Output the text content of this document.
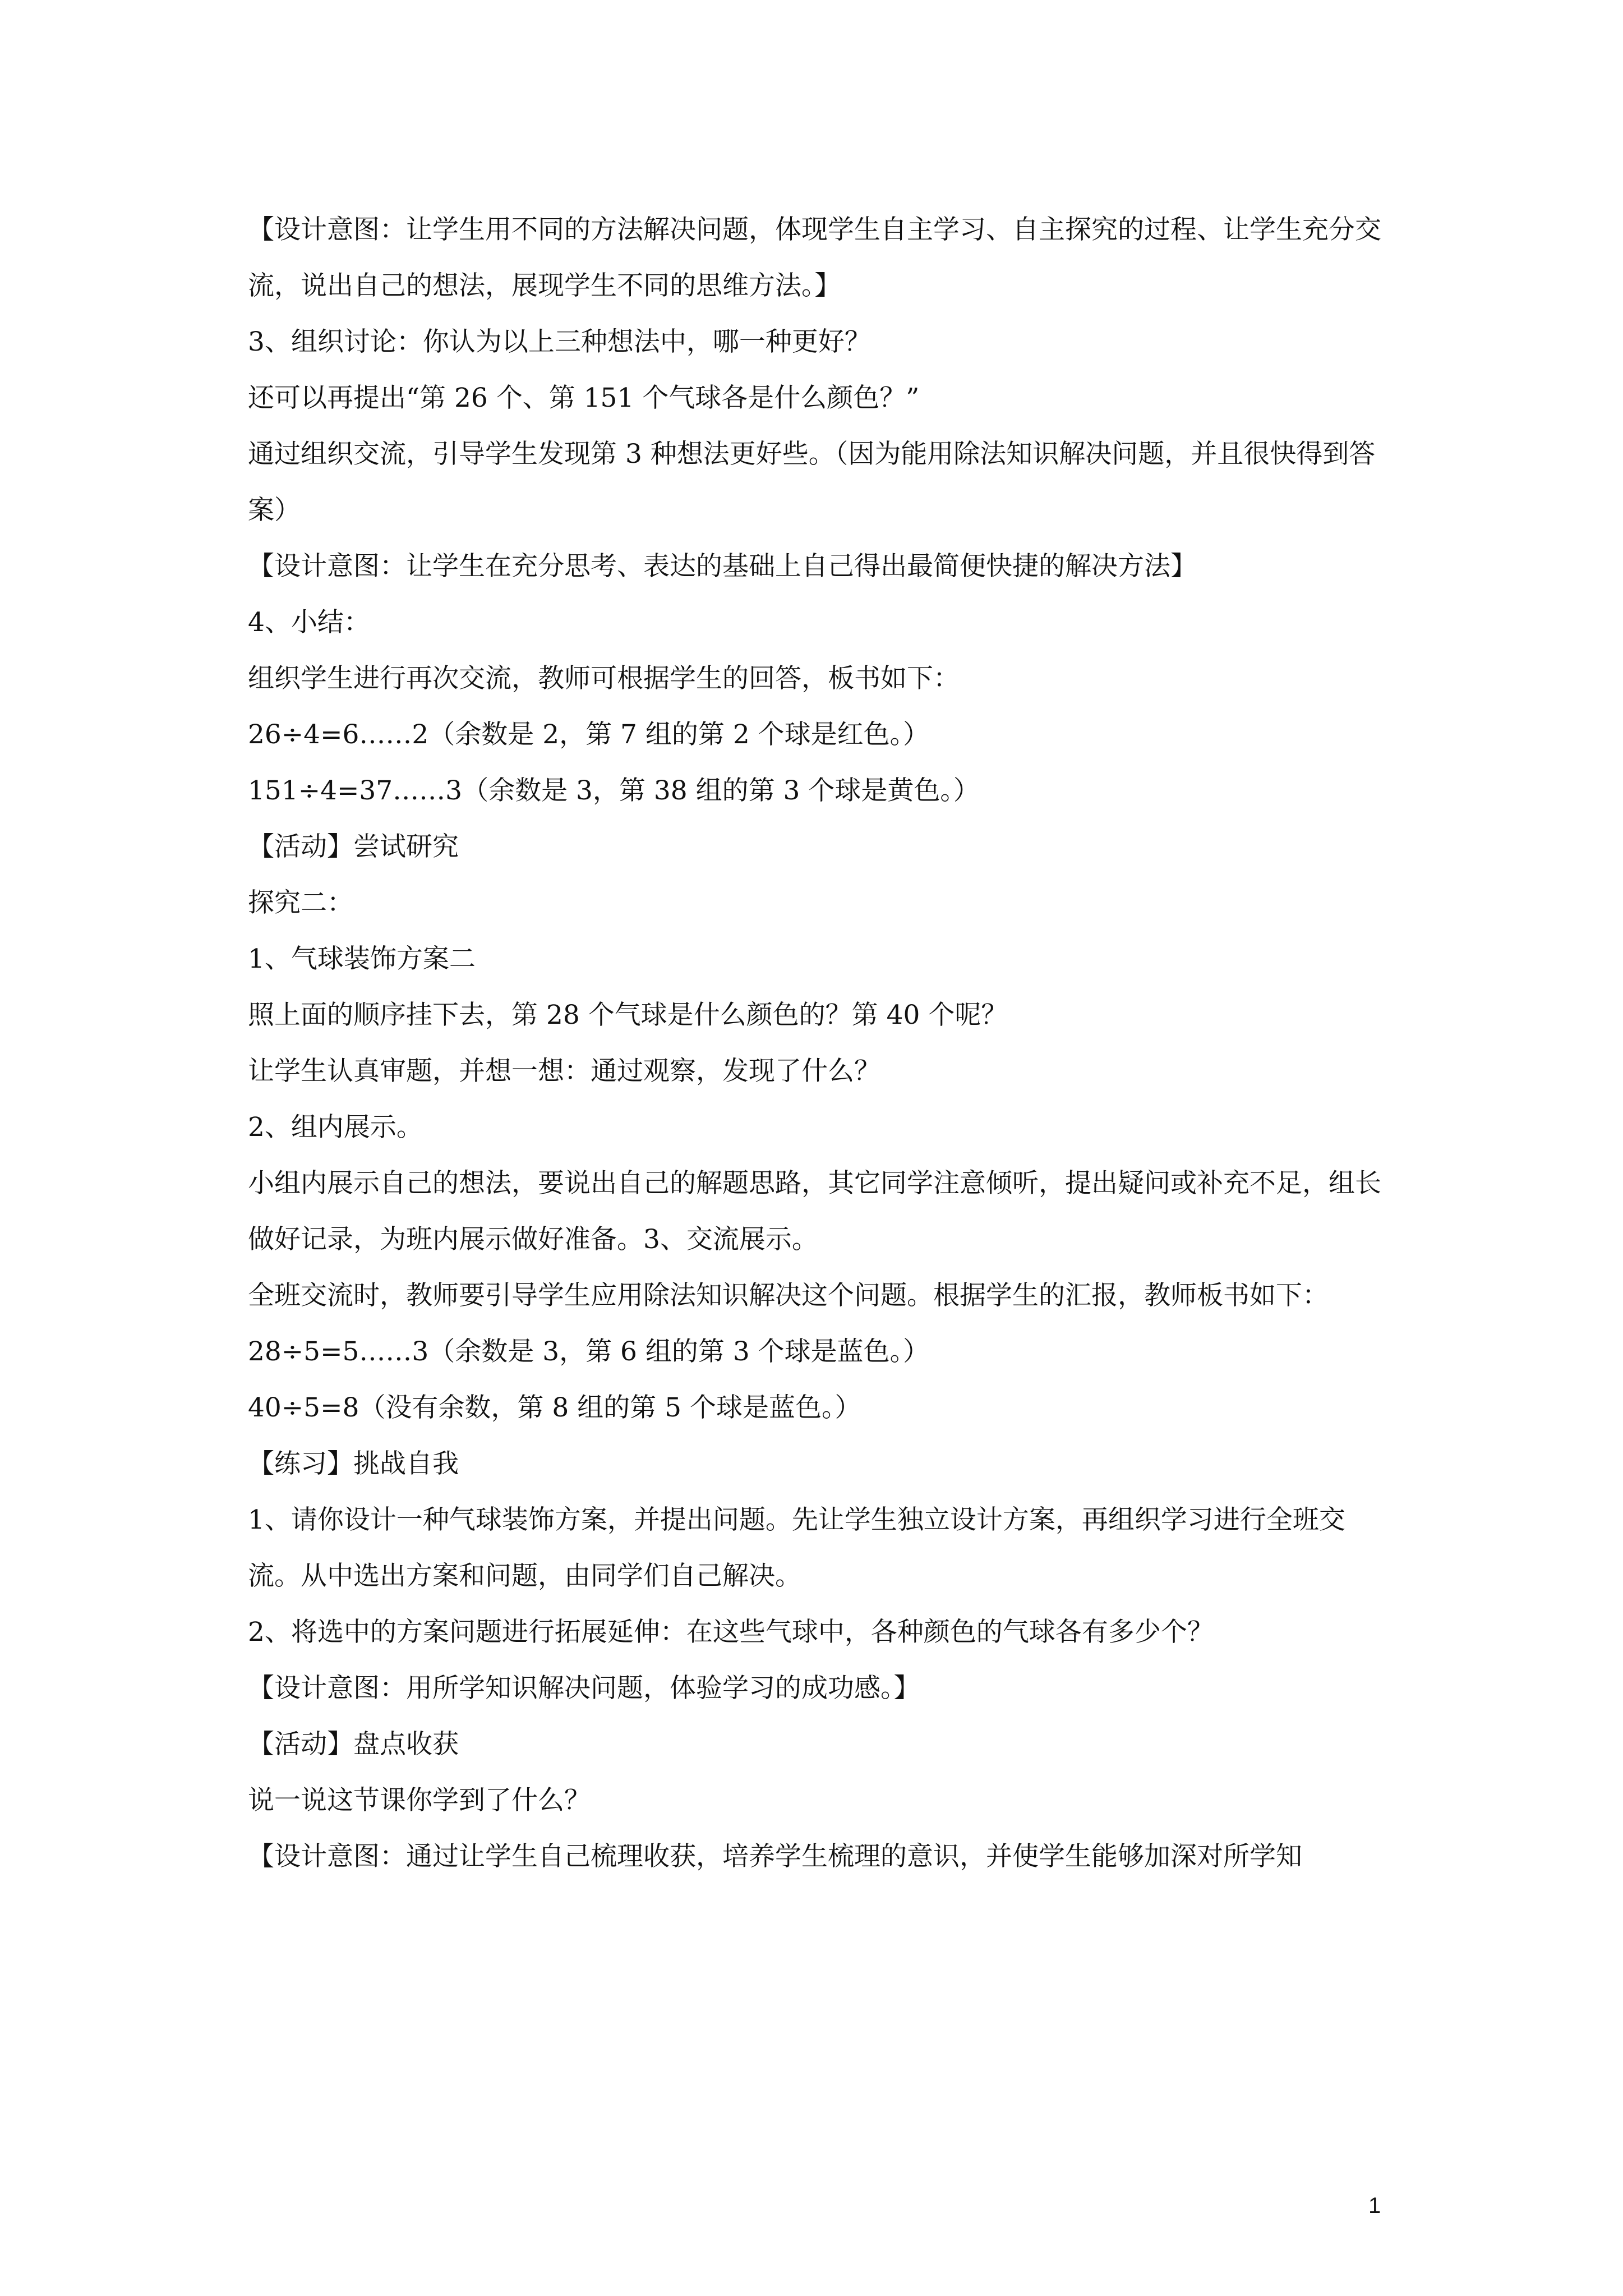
【设计意图：让学生用不同的方法解决问题，体现学生自主学习、自主探究的过程、让学生充分交流，说出自己的想法，展现学生不同的思维方法。】

3、组织讨论：你认为以上三种想法中，哪一种更好？

还可以再提出“第 26 个、第 151 个气球各是什么颜色？”

通过组织交流，引导学生发现第 3 种想法更好些。（因为能用除法知识解决问题，并且很快得到答案）

【设计意图：让学生在充分思考、表达的基础上自己得出最简便快捷的解决方法】

4、小结：

组织学生进行再次交流，教师可根据学生的回答，板书如下：

26÷4=6……2（余数是 2，第 7 组的第 2 个球是红色。）

151÷4=37……3（余数是 3，第 38 组的第 3 个球是黄色。）

【活动】尝试研究

探究二：

1、气球装饰方案二

照上面的顺序挂下去，第 28 个气球是什么颜色的？第 40 个呢？

让学生认真审题，并想一想：通过观察，发现了什么？

2、组内展示。

小组内展示自己的想法，要说出自己的解题思路，其它同学注意倾听，提出疑问或补充不足，组长做好记录，为班内展示做好准备。3、交流展示。

全班交流时，教师要引导学生应用除法知识解决这个问题。根据学生的汇报，教师板书如下：

28÷5=5……3（余数是 3，第 6 组的第 3 个球是蓝色。）

40÷5=8（没有余数，第 8 组的第 5 个球是蓝色。）

【练习】挑战自我

1、请你设计一种气球装饰方案，并提出问题。先让学生独立设计方案，再组织学习进行全班交流。从中选出方案和问题，由同学们自己解决。

2、将选中的方案问题进行拓展延伸：在这些气球中，各种颜色的气球各有多少个？

【设计意图：用所学知识解决问题，体验学习的成功感。】

【活动】盘点收获

说一说这节课你学到了什么？

【设计意图：通过让学生自己梳理收获，培养学生梳理的意识，并使学生能够加深对所学知

1
